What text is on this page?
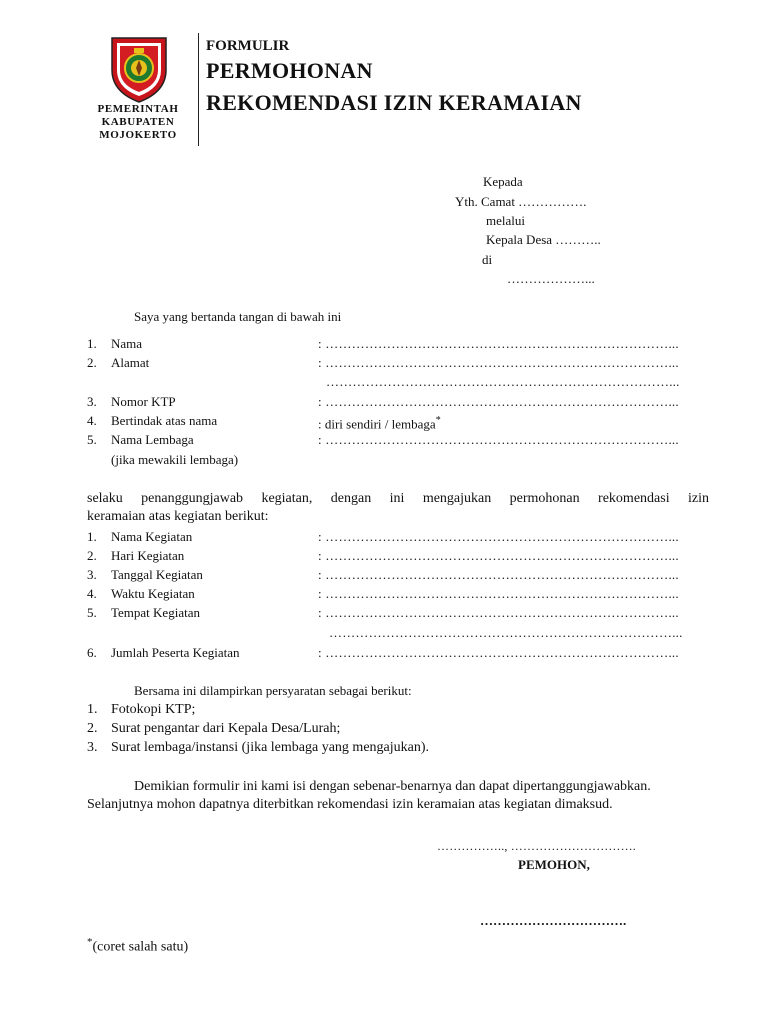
PEMERINTAH
KABUPATEN
MOJOKERTO
FORMULIR
PERMOHONAN
REKOMENDASI IZIN KERAMAIAN
Kepada
Yth. Camat …………….
melalui
Kepala Desa ………..
di
………………...
Saya yang bertanda tangan di bawah ini
1. Nama	: ……………………………………………………………………...
2. Alamat	: ……………………………………………………………………...
……………………………………………………………………...
3. Nomor KTP	: ……………………………………………………………………...
4. Bertindak atas nama	: diri sendiri / lembaga*
5. Nama Lembaga	: ……………………………………………………………………...
(jika mewakili lembaga)
selaku penanggungjawab kegiatan, dengan ini mengajukan permohonan rekomendasi izin
keramaian atas kegiatan berikut:
1. Nama Kegiatan	: ……………………………………………………………………...
2. Hari Kegiatan	: ……………………………………………………………………...
3. Tanggal Kegiatan	: ……………………………………………………………………...
4. Waktu Kegiatan	: ……………………………………………………………………...
5. Tempat Kegiatan	: ……………………………………………………………………...
……………………………………………………………………...
6. Jumlah Peserta Kegiatan	: ……………………………………………………………………...
Bersama ini dilampirkan persyaratan sebagai berikut:
1. Fotokopi KTP;
2. Surat pengantar dari Kepala Desa/Lurah;
3. Surat lembaga/instansi (jika lembaga yang mengajukan).
Demikian formulir ini kami isi dengan sebenar-benarnya dan dapat dipertanggungjawabkan.
Selanjutnya mohon dapatnya diterbitkan rekomendasi izin keramaian atas kegiatan dimaksud.
…………….., ………………………….
PEMOHON,
…………………………….
*(coret salah satu)
